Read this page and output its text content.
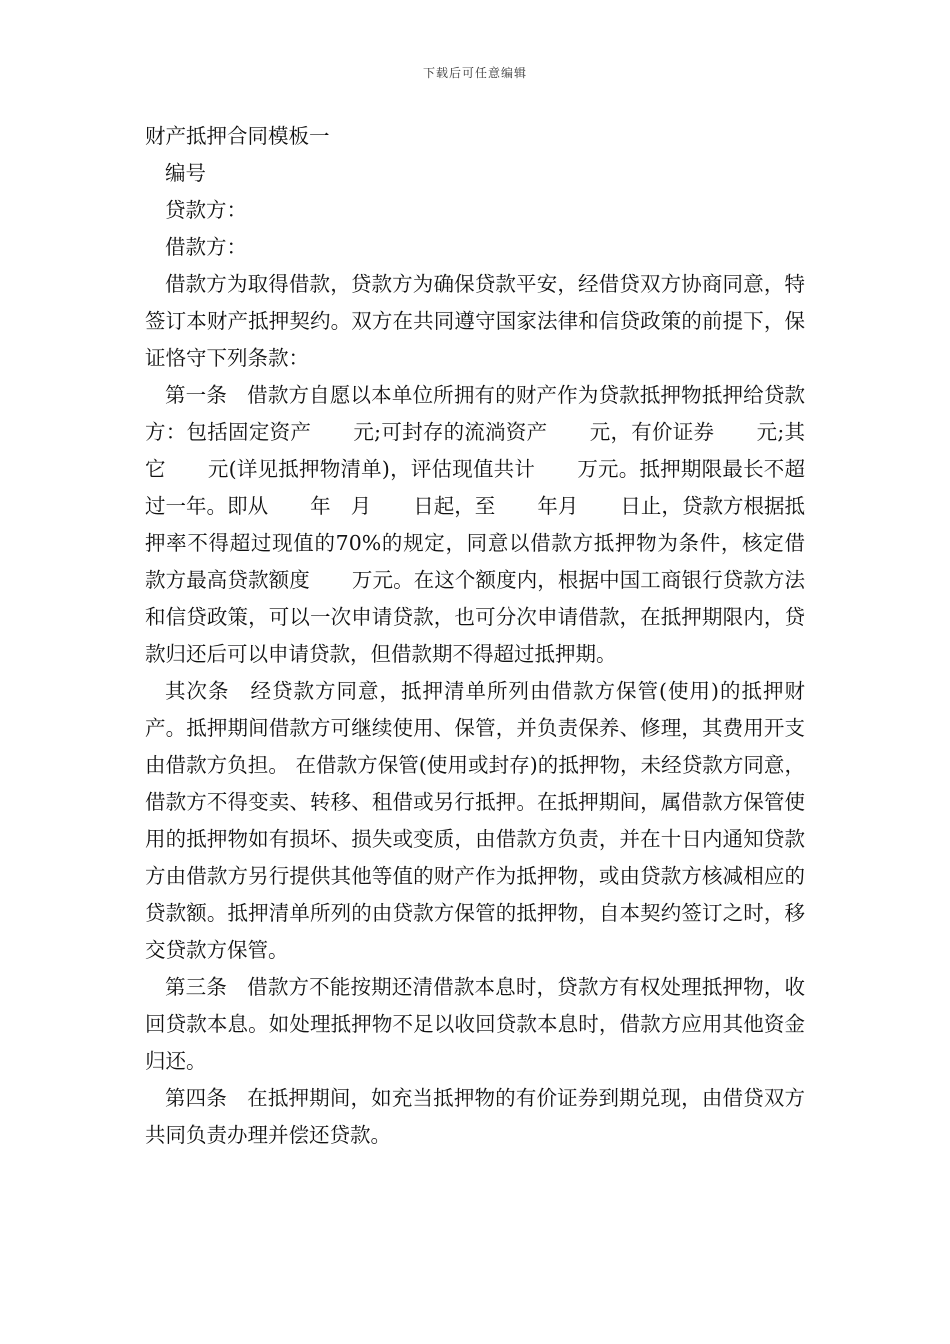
下载后可任意编辑

财产抵押合同模板一

编号

贷款方：

借款方：

借款方为取得借款，贷款方为确保贷款平安，经借贷双方协商同意，特签订本财产抵押契约。双方在共同遵守国家法律和信贷政策的前提下，保证恪守下列条款：

第一条 借款方自愿以本单位所拥有的财产作为贷款抵押物抵押给贷款方：包括固定资产 元;可封存的流淌资产 元，有价证券 元;其它 元(详见抵押物清单)，评估现值共计 万元。抵押期限最长不超过一年。即从 年 月 日起，至 年月 日止，贷款方根据抵押率不得超过现值的70%的规定，同意以借款方抵押物为条件，核定借款方最高贷款额度 万元。在这个额度内，根据中国工商银行贷款方法和信贷政策，可以一次申请贷款，也可分次申请借款，在抵押期限内，贷款归还后可以申请贷款，但借款期不得超过抵押期。

其次条 经贷款方同意，抵押清单所列由借款方保管(使用)的抵押财产。抵押期间借款方可继续使用、保管，并负责保养、修理，其费用开支由借款方负担。 在借款方保管(使用或封存)的抵押物，未经贷款方同意，借款方不得变卖、转移、租借或另行抵押。在抵押期间，属借款方保管使用的抵押物如有损坏、损失或变质，由借款方负责，并在十日内通知贷款方由借款方另行提供其他等值的财产作为抵押物，或由贷款方核减相应的贷款额。抵押清单所列的由贷款方保管的抵押物，自本契约签订之时，移交贷款方保管。

第三条 借款方不能按期还清借款本息时，贷款方有权处理抵押物，收回贷款本息。如处理抵押物不足以收回贷款本息时，借款方应用其他资金归还。

第四条 在抵押期间，如充当抵押物的有价证券到期兑现，由借贷双方共同负责办理并偿还贷款。
